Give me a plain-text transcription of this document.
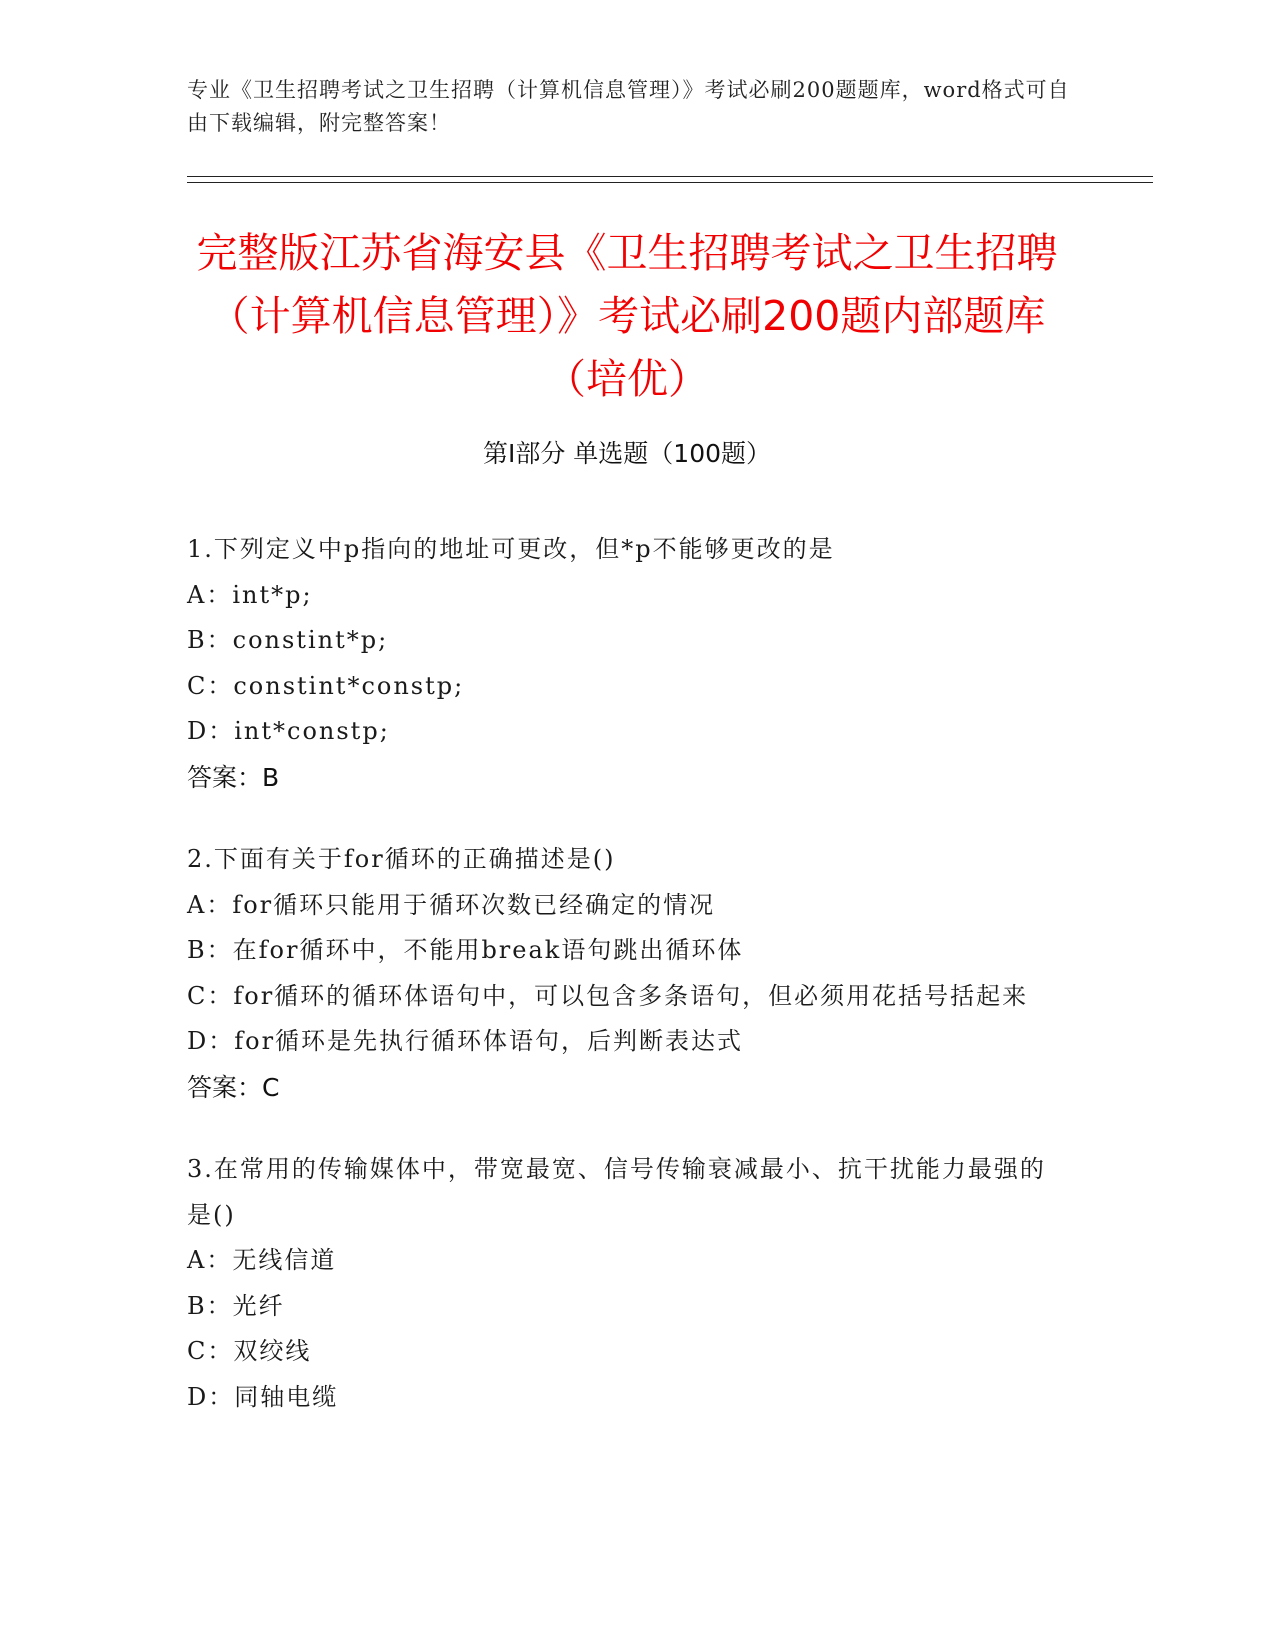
专业《卫生招聘考试之卫生招聘（计算机信息管理）》考试必刷200题题库，word格式可自由下载编辑，附完整答案！
完整版江苏省海安县《卫生招聘考试之卫生招聘（计算机信息管理）》考试必刷200题内部题库（培优）
第Ⅰ部分 单选题（100题）

1.下列定义中p指向的地址可更改，但*p不能够更改的是

A：int*p;

B：constint*p;

C：constint*constp;

D：int*constp;

答案：B

2.下面有关于for循环的正确描述是()

A：for循环只能用于循环次数已经确定的情况

B：在for循环中，不能用break语句跳出循环体

C：for循环的循环体语句中，可以包含多条语句，但必须用花括号括起来

D：for循环是先执行循环体语句，后判断表达式

答案：C

3.在常用的传输媒体中，带宽最宽、信号传输衰减最小、抗干扰能力最强的是()

A：无线信道

B：光纤

C：双绞线

D：同轴电缆
